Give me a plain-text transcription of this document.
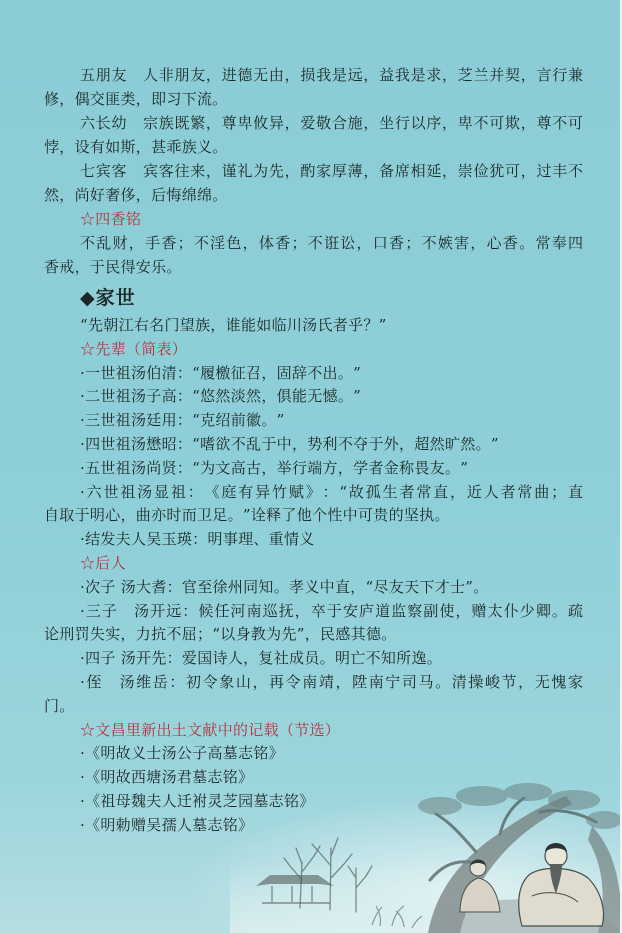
五朋友　人非朋友，进德无由，损我是远，益我是求，芝兰并契，言行兼

修，偶交匪类，即习下流。

六长幼　宗族既繁，尊卑攸异，爱敬合施，坐行以序，卑不可欺，尊不可

悖，设有如斯，甚乖族义。

七宾客　宾客往来，谨礼为先，酌家厚薄，备席相延，崇俭犹可，过丰不

然，尚好奢侈，后悔绵绵。

☆四香铭

不乱财，手香；不淫色，体香；不诳讼，口香；不嫉害，心香。常奉四

香戒，于民得安乐。

◆家世

“先朝江右名门望族，谁能如临川汤氏者乎？”

☆先辈（简表）

·一世祖汤伯清：“履檄征召，固辞不出。”

·二世祖汤子高：“悠然淡然，俱能无憾。”

·三世祖汤廷用：“克绍前徽。”

·四世祖汤懋昭：“嗜欲不乱于中，势利不夺于外，超然旷然。”

·五世祖汤尚贤：“为文高古，举行端方，学者金称畏友。”

·六世祖汤显祖：《庭有异竹赋》：“故孤生者常直，近人者常曲；直

自取于明心，曲亦时而卫足。”诠释了他个性中可贵的坚执。

·结发夫人吴玉瑛：明事理、重情义

☆后人

·次子 汤大耆：官至徐州同知。孝义中直，“尽友天下才士”。

·三子　汤开远：候任河南巡抚，卒于安庐道监察副使，赠太仆少卿。疏

论刑罚失实，力抗不屈；“以身教为先”，民感其德。

·四子 汤开先：爱国诗人，复社成员。明亡不知所逸。

·侄　汤维岳：初令象山，再令南靖，陞南宁司马。清操峻节，无愧家

门。

☆文昌里新出土文献中的记载（节选）

·《明故义士汤公子高墓志铭》

·《明故西塘汤君墓志铭》

·《祖母魏夫人迁袝灵芝园墓志铭》

·《明勅赠吴孺人墓志铭》
